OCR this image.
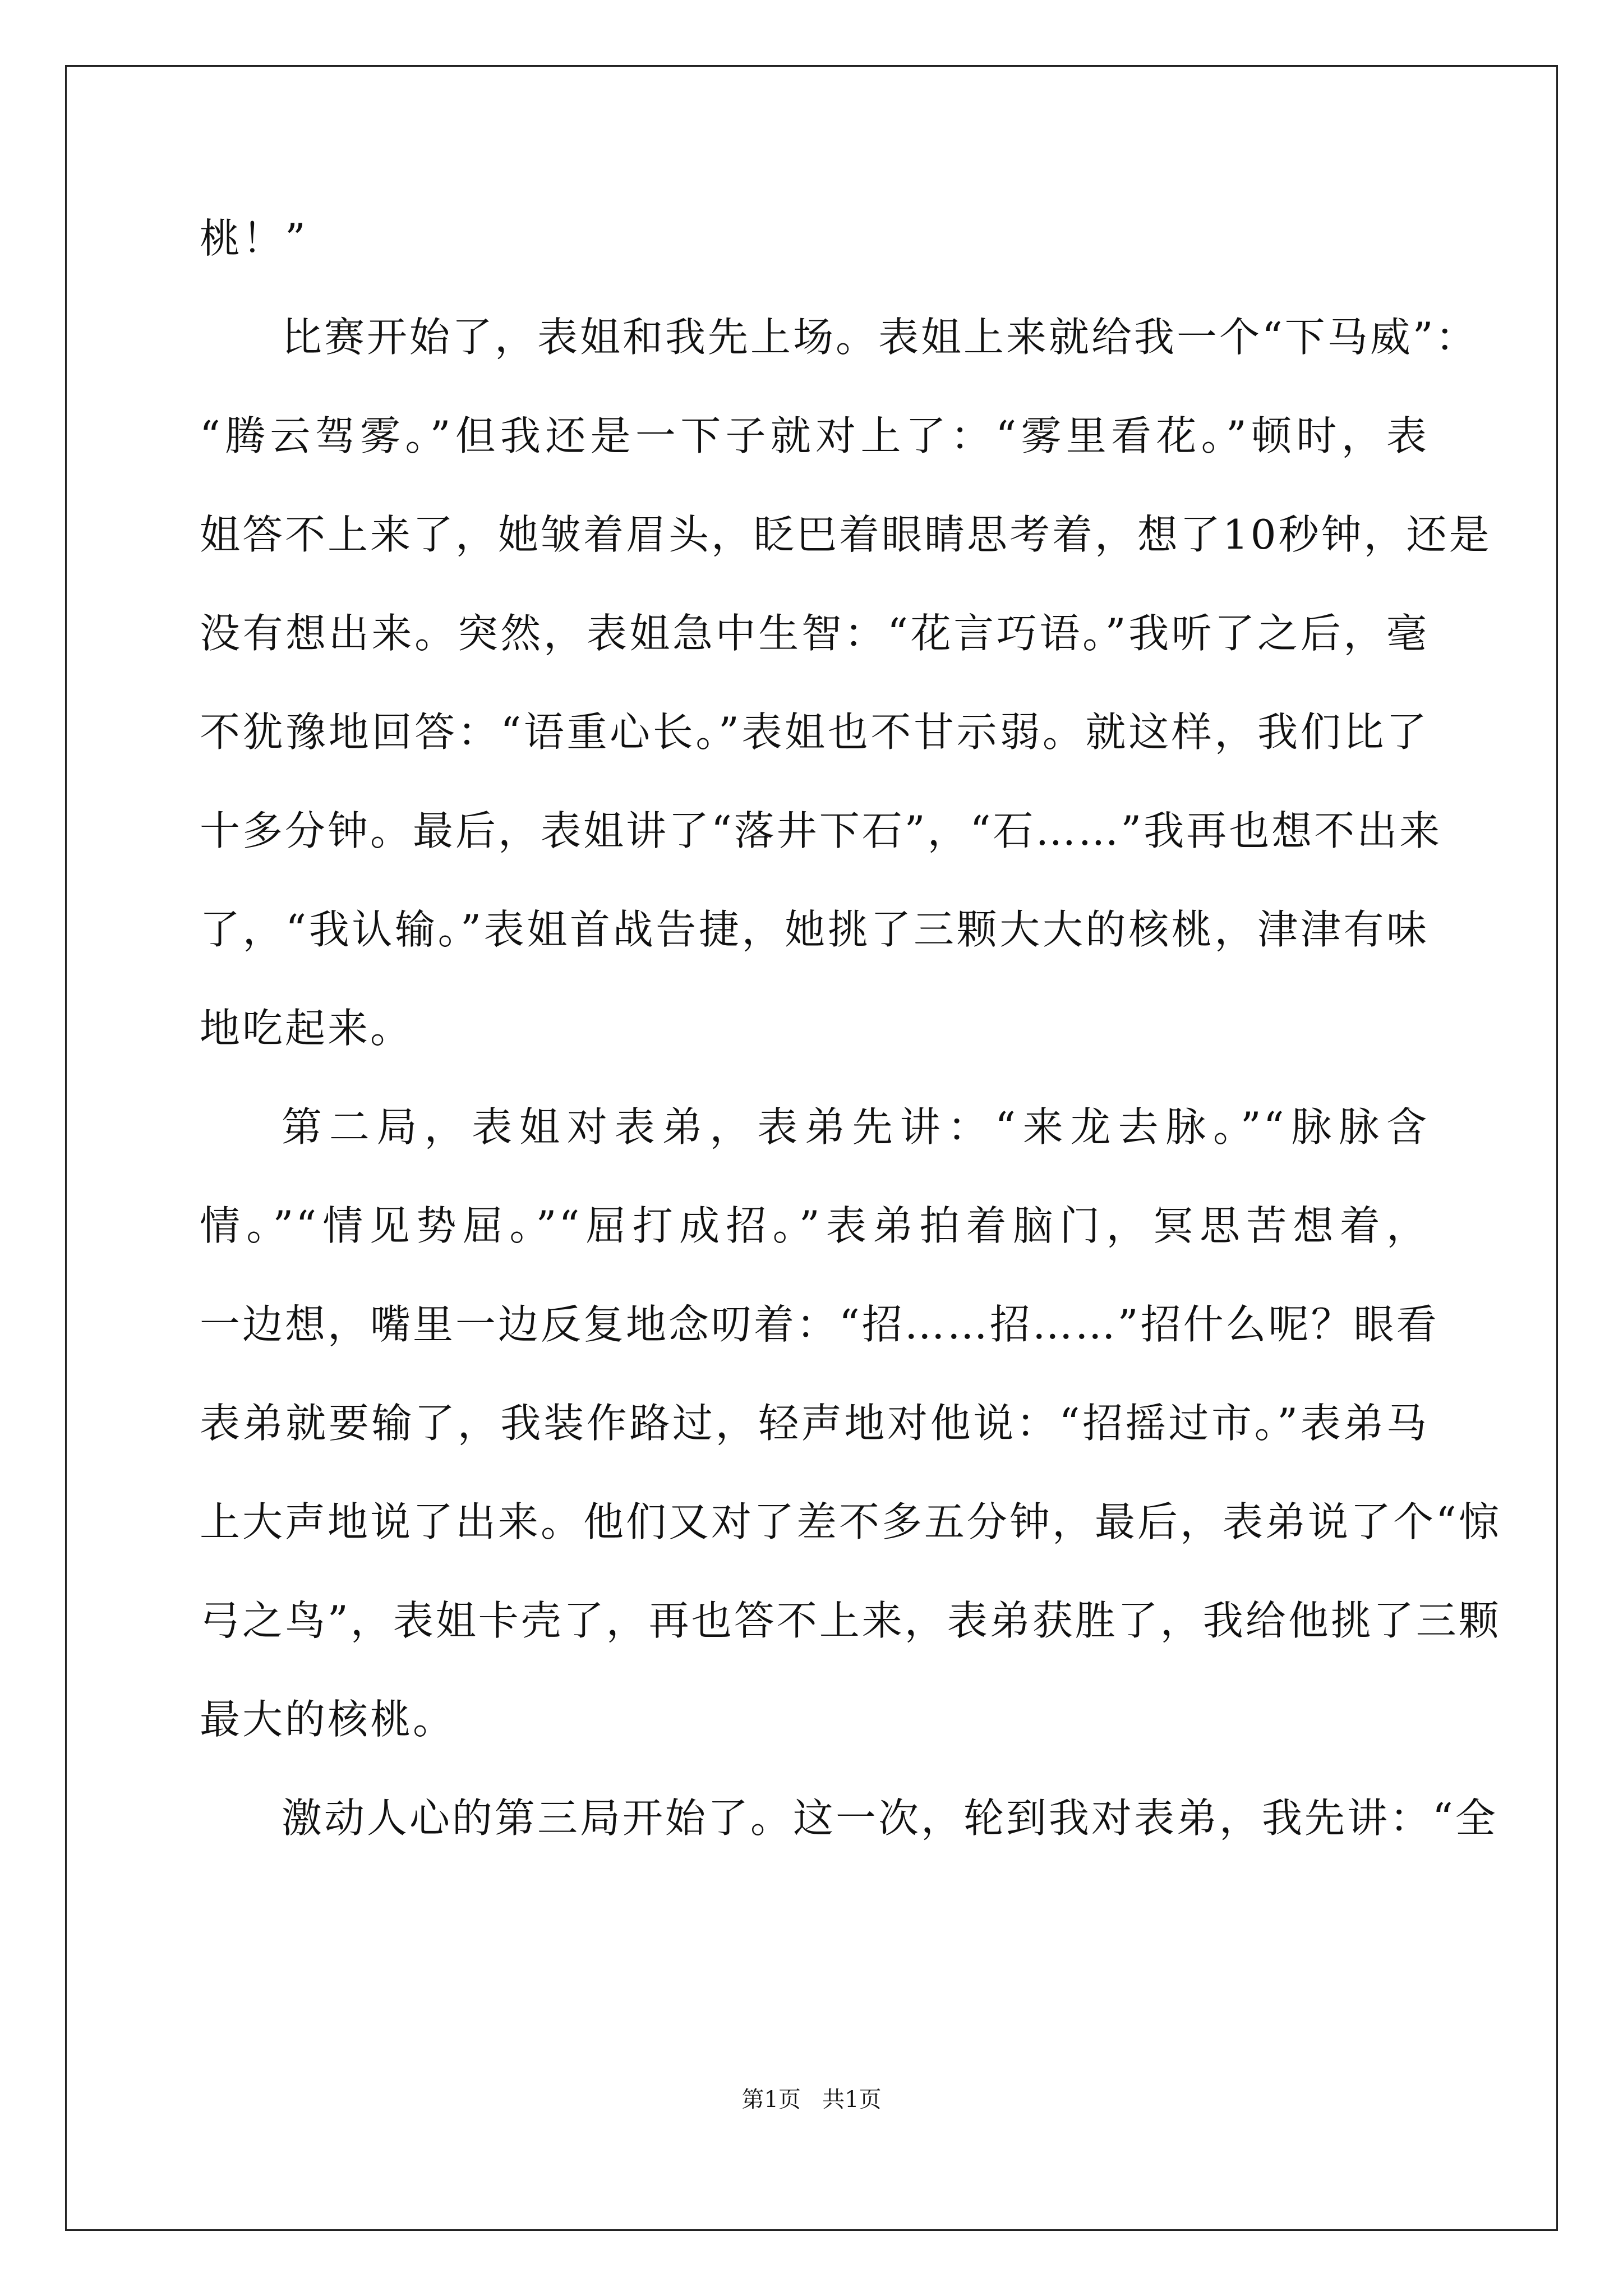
桃！”
比赛开始了，表姐和我先上场。表姐上来就给我一个“下马威”：
“腾云驾雾。”但我还是一下子就对上了：“雾里看花。”顿时，表
姐答不上来了，她皱着眉头，眨巴着眼睛思考着，想了10秒钟，还是
没有想出来。突然，表姐急中生智：“花言巧语。”我听了之后，毫
不犹豫地回答：“语重心长。”表姐也不甘示弱。就这样，我们比了
十多分钟。最后，表姐讲了“落井下石”，“石……”我再也想不出来
了，“我认输。”表姐首战告捷，她挑了三颗大大的核桃，津津有味
地吃起来。
第二局，表姐对表弟，表弟先讲：“来龙去脉。”“脉脉含
情。”“情见势屈。”“屈打成招。”表弟拍着脑门，冥思苦想着，
一边想，嘴里一边反复地念叨着：“招……招……”招什么呢？眼看
表弟就要输了，我装作路过，轻声地对他说：“招摇过市。”表弟马
上大声地说了出来。他们又对了差不多五分钟，最后，表弟说了个“惊
弓之鸟”，表姐卡壳了，再也答不上来，表弟获胜了，我给他挑了三颗
最大的核桃。
激动人心的第三局开始了。这一次，轮到我对表弟，我先讲：“全
第1页 共1页
